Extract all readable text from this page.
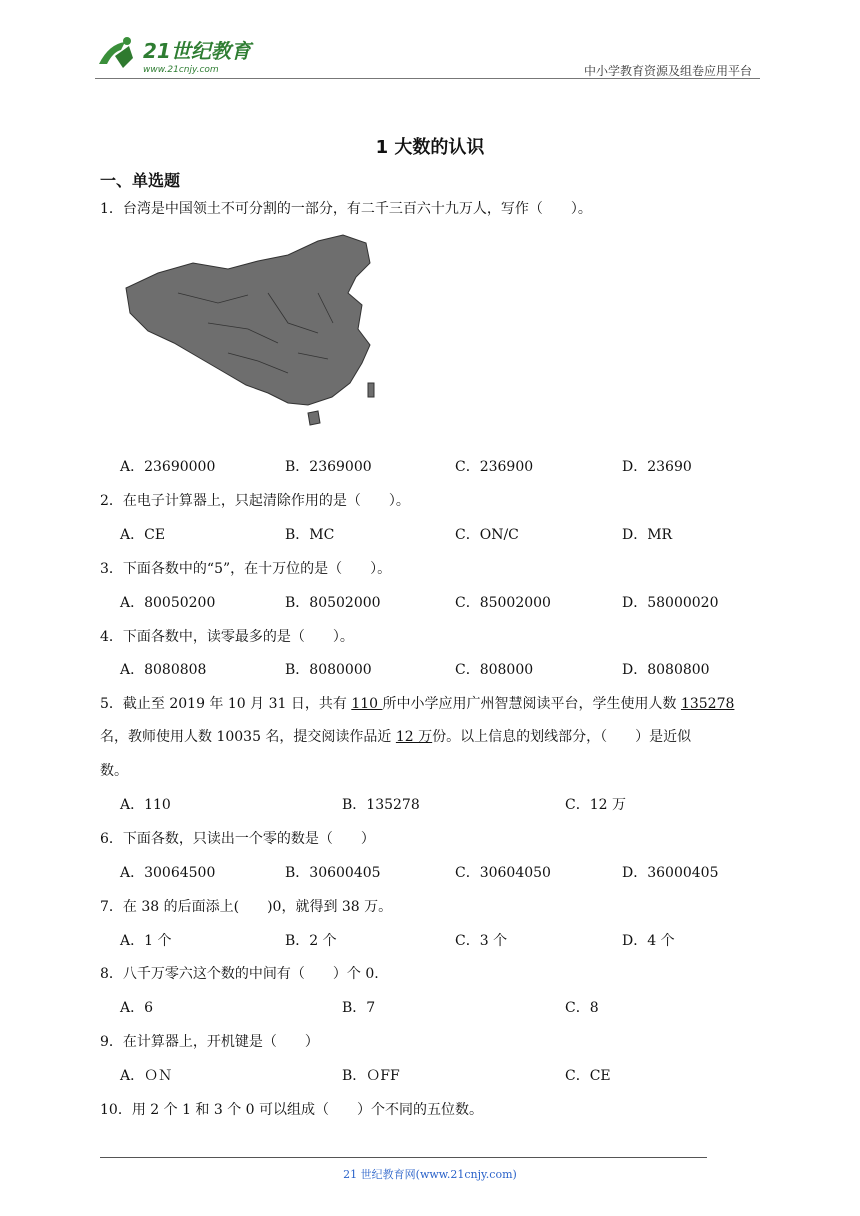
21世纪教育
www.21cnjy.com	中小学教育资源及组卷应用平台
1 大数的认识
一、单选题
1．台湾是中国领土不可分割的一部分，有二千三百六十九万人，写作（　　）。
A．23690000	B．2369000	C．236900	D．23690
2．在电子计算器上，只起清除作用的是（　　）。
A．CE	B．MC	C．ON/C	D．MR
3．下面各数中的“5”，在十万位的是（　　）。
A．80050200	B．80502000	C．85002000	D．58000020
4．下面各数中，读零最多的是（　　）。
A．8080808	B．8080000	C．808000	D．8080800
5．截止至 2019 年 10 月 31 日，共有 110 所中小学应用广州智慧阅读平台，学生使用人数 135278
名，教师使用人数 10035 名，提交阅读作品近 12 万份。以上信息的划线部分，（　　）是近似
数。
A．110	B．135278	C．12 万
6．下面各数，只读出一个零的数是（　　）
A．30064500	B．30600405	C．30604050	D．36000405
7．在 38 的后面添上(　　)0，就得到 38 万。
A．1 个	B．2 个	C．3 个	D．4 个
8．八千万零六这个数的中间有（　　）个 0.
A．6	B．7	C．8
9．在计算器上，开机键是（　　）
A．ＯＮ	B．ＯFF	C．CE
10．用 2 个 1 和 3 个 0 可以组成（　　）个不同的五位数。
21 世纪教育网(www.21cnjy.com)
